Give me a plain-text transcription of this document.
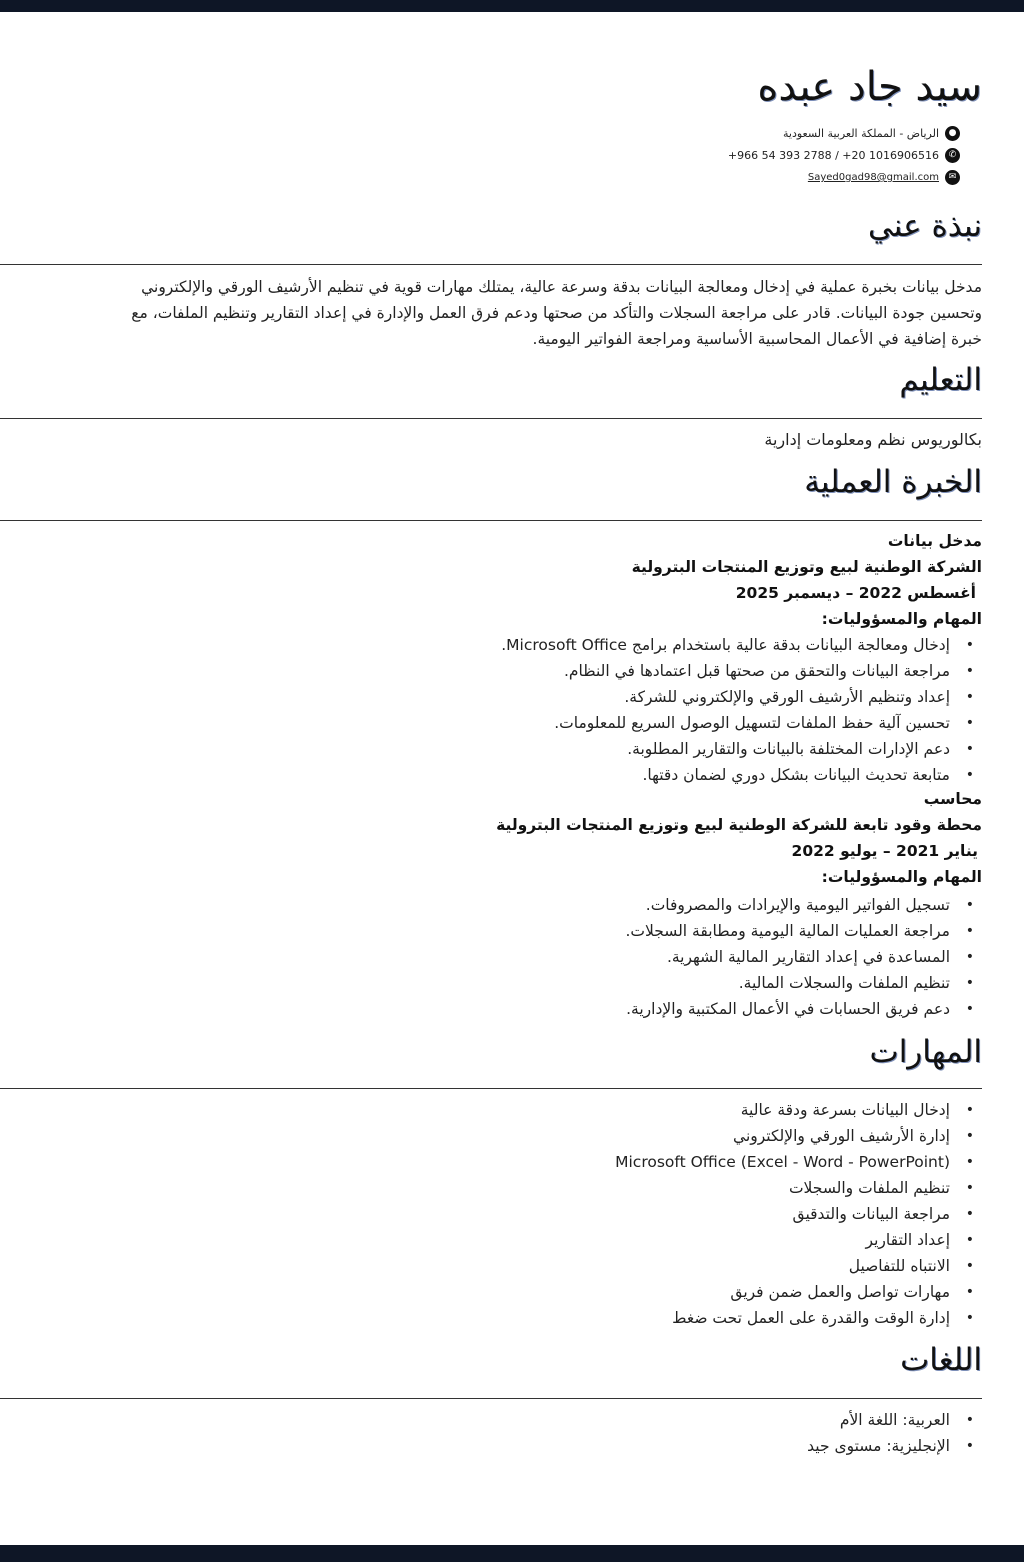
سيد جاد عبده
●
الرياض - المملكة العربية السعودية
✆
+966 54 393 2788 / +20 1016906516
✉
Sayed0gad98@gmail.com
نبذة عني

مدخل بيانات بخبرة عملية في إدخال ومعالجة البيانات بدقة وسرعة عالية، يمتلك مهارات قوية في تنظيم الأرشيف الورقي والإلكتروني وتحسين جودة البيانات. قادر على مراجعة السجلات والتأكد من صحتها ودعم فرق العمل والإدارة في إعداد التقارير وتنظيم الملفات، مع خبرة إضافية في الأعمال المحاسبية الأساسية ومراجعة الفواتير اليومية.

التعليم

بكالوريوس نظم ومعلومات إدارية

الخبرة العملية

مدخل بيانات

الشركة الوطنية لبيع وتوزيع المنتجات البترولية

أغسطس 2022 – ديسمبر 2025

المهام والمسؤوليات:

• إدخال ومعالجة البيانات بدقة عالية باستخدام برامج Microsoft Office.
• مراجعة البيانات والتحقق من صحتها قبل اعتمادها في النظام.
• إعداد وتنظيم الأرشيف الورقي والإلكتروني للشركة.
• تحسين آلية حفظ الملفات لتسهيل الوصول السريع للمعلومات.
• دعم الإدارات المختلفة بالبيانات والتقارير المطلوبة.
• متابعة تحديث البيانات بشكل دوري لضمان دقتها.

محاسب

محطة وقود تابعة للشركة الوطنية لبيع وتوزيع المنتجات البترولية

يناير 2021 – يوليو 2022

المهام والمسؤوليات:

• تسجيل الفواتير اليومية والإيرادات والمصروفات.
• مراجعة العمليات المالية اليومية ومطابقة السجلات.
• المساعدة في إعداد التقارير المالية الشهرية.
• تنظيم الملفات والسجلات المالية.
• دعم فريق الحسابات في الأعمال المكتبية والإدارية.
المهارات
• إدخال البيانات بسرعة ودقة عالية
• إدارة الأرشيف الورقي والإلكتروني
• Microsoft Office (Excel - Word - PowerPoint)
• تنظيم الملفات والسجلات
• مراجعة البيانات والتدقيق
• إعداد التقارير
• الانتباه للتفاصيل
• مهارات تواصل والعمل ضمن فريق
• إدارة الوقت والقدرة على العمل تحت ضغط
اللغات
• العربية: اللغة الأم
• الإنجليزية: مستوى جيد
